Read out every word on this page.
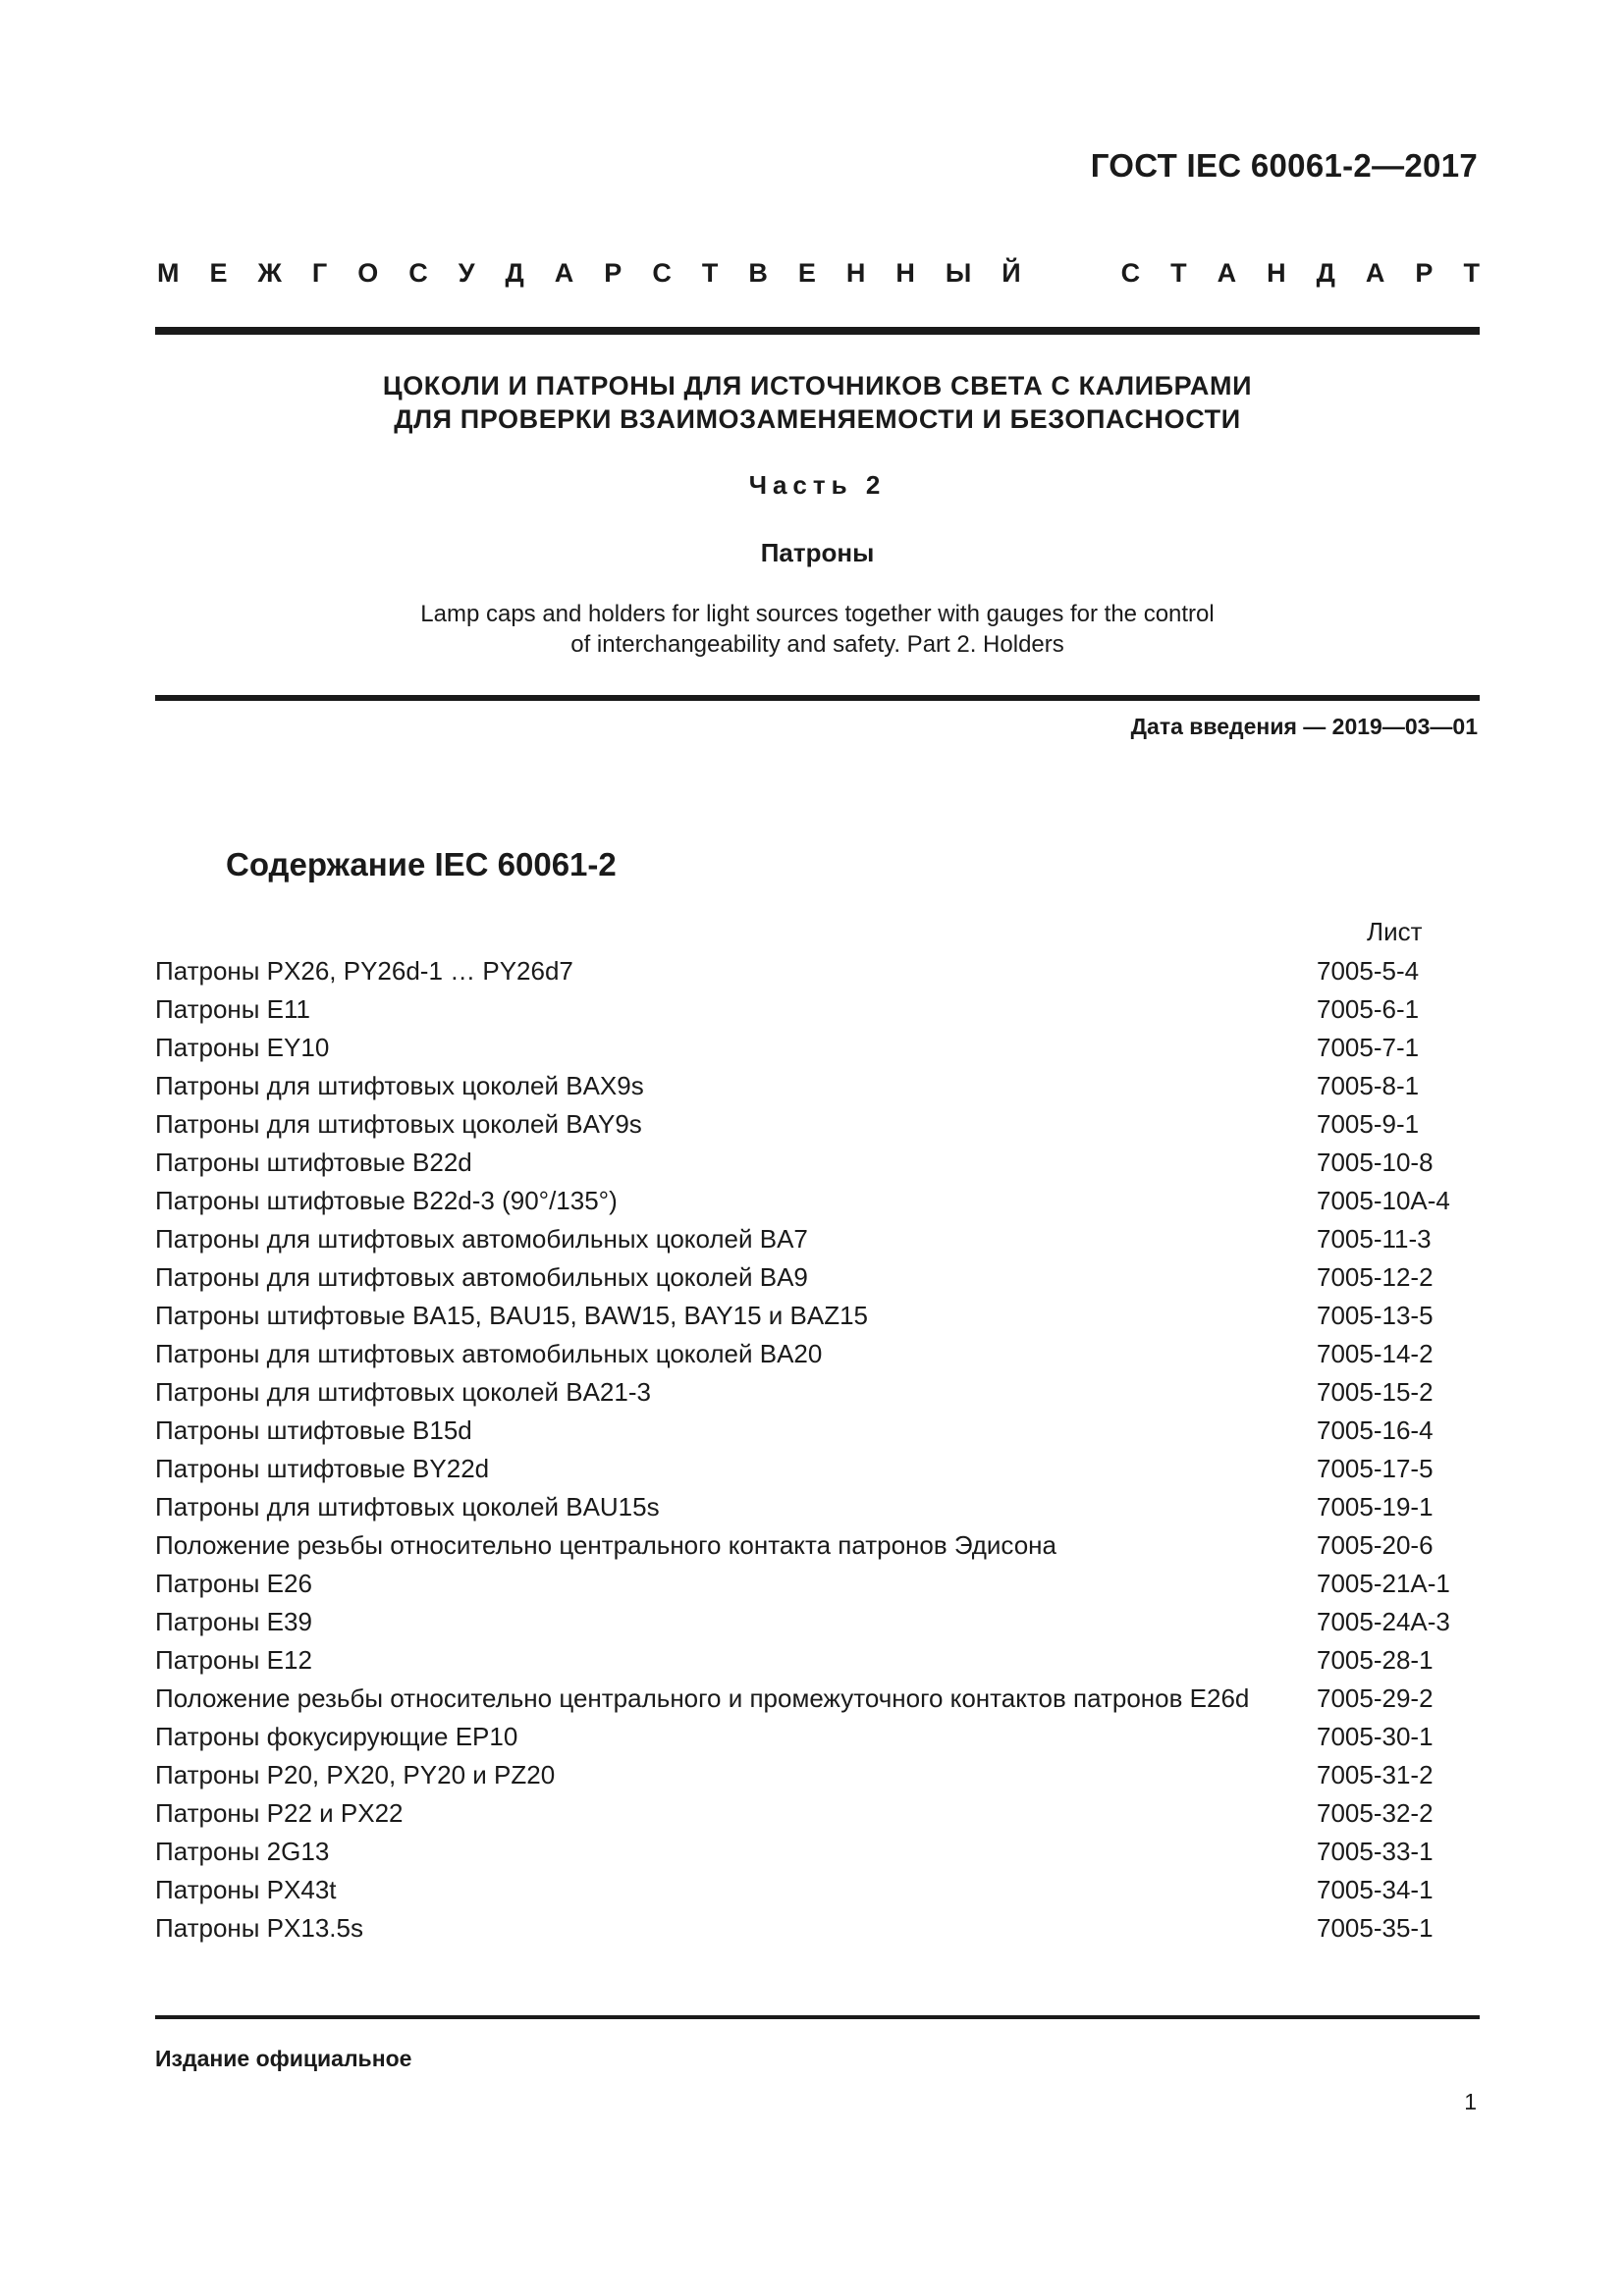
ГОСТ IEC 60061-2—2017
М Е Ж Г О С У Д А Р С Т В Е Н Н Ы Й	С Т А Н Д А Р Т
ЦОКОЛИ И ПАТРОНЫ ДЛЯ ИСТОЧНИКОВ СВЕТА С КАЛИБРАМИ
ДЛЯ ПРОВЕРКИ ВЗАИМОЗАМЕНЯЕМОСТИ И БЕЗОПАСНОСТИ
Часть 2
Патроны
Lamp caps and holders for light sources together with gauges for the control
of interchangeability and safety. Part 2. Holders
Дата введения — 2019—03—01
Содержание IEC 60061-2
Лист
Патроны PX26, PY26d-1 … PY26d7	7005-5-4
Патроны E11	7005-6-1
Патроны EY10	7005-7-1
Патроны для штифтовых цоколей BAX9s	7005-8-1
Патроны для штифтовых цоколей BAY9s	7005-9-1
Патроны штифтовые B22d	7005-10-8
Патроны штифтовые B22d-3 (90°/135°)	7005-10А-4
Патроны для штифтовых автомобильных цоколей BA7	7005-11-3
Патроны для штифтовых автомобильных цоколей BA9	7005-12-2
Патроны штифтовые BA15, BAU15, BAW15, BAY15 и BAZ15	7005-13-5
Патроны для штифтовых автомобильных цоколей BA20	7005-14-2
Патроны для штифтовых цоколей BA21-3	7005-15-2
Патроны штифтовые B15d	7005-16-4
Патроны штифтовые BY22d	7005-17-5
Патроны для штифтовых цоколей BAU15s	7005-19-1
Положение резьбы относительно центрального контакта патронов Эдисона	7005-20-6
Патроны E26	7005-21А-1
Патроны E39	7005-24А-3
Патроны E12	7005-28-1
Положение резьбы относительно центрального и промежуточного контактов патронов E26d	7005-29-2
Патроны фокусирующие EP10	7005-30-1
Патроны P20, PX20, PY20 и PZ20	7005-31-2
Патроны P22 и PX22	7005-32-2
Патроны 2G13	7005-33-1
Патроны PX43t	7005-34-1
Патроны PX13.5s	7005-35-1
Издание официальное
1
